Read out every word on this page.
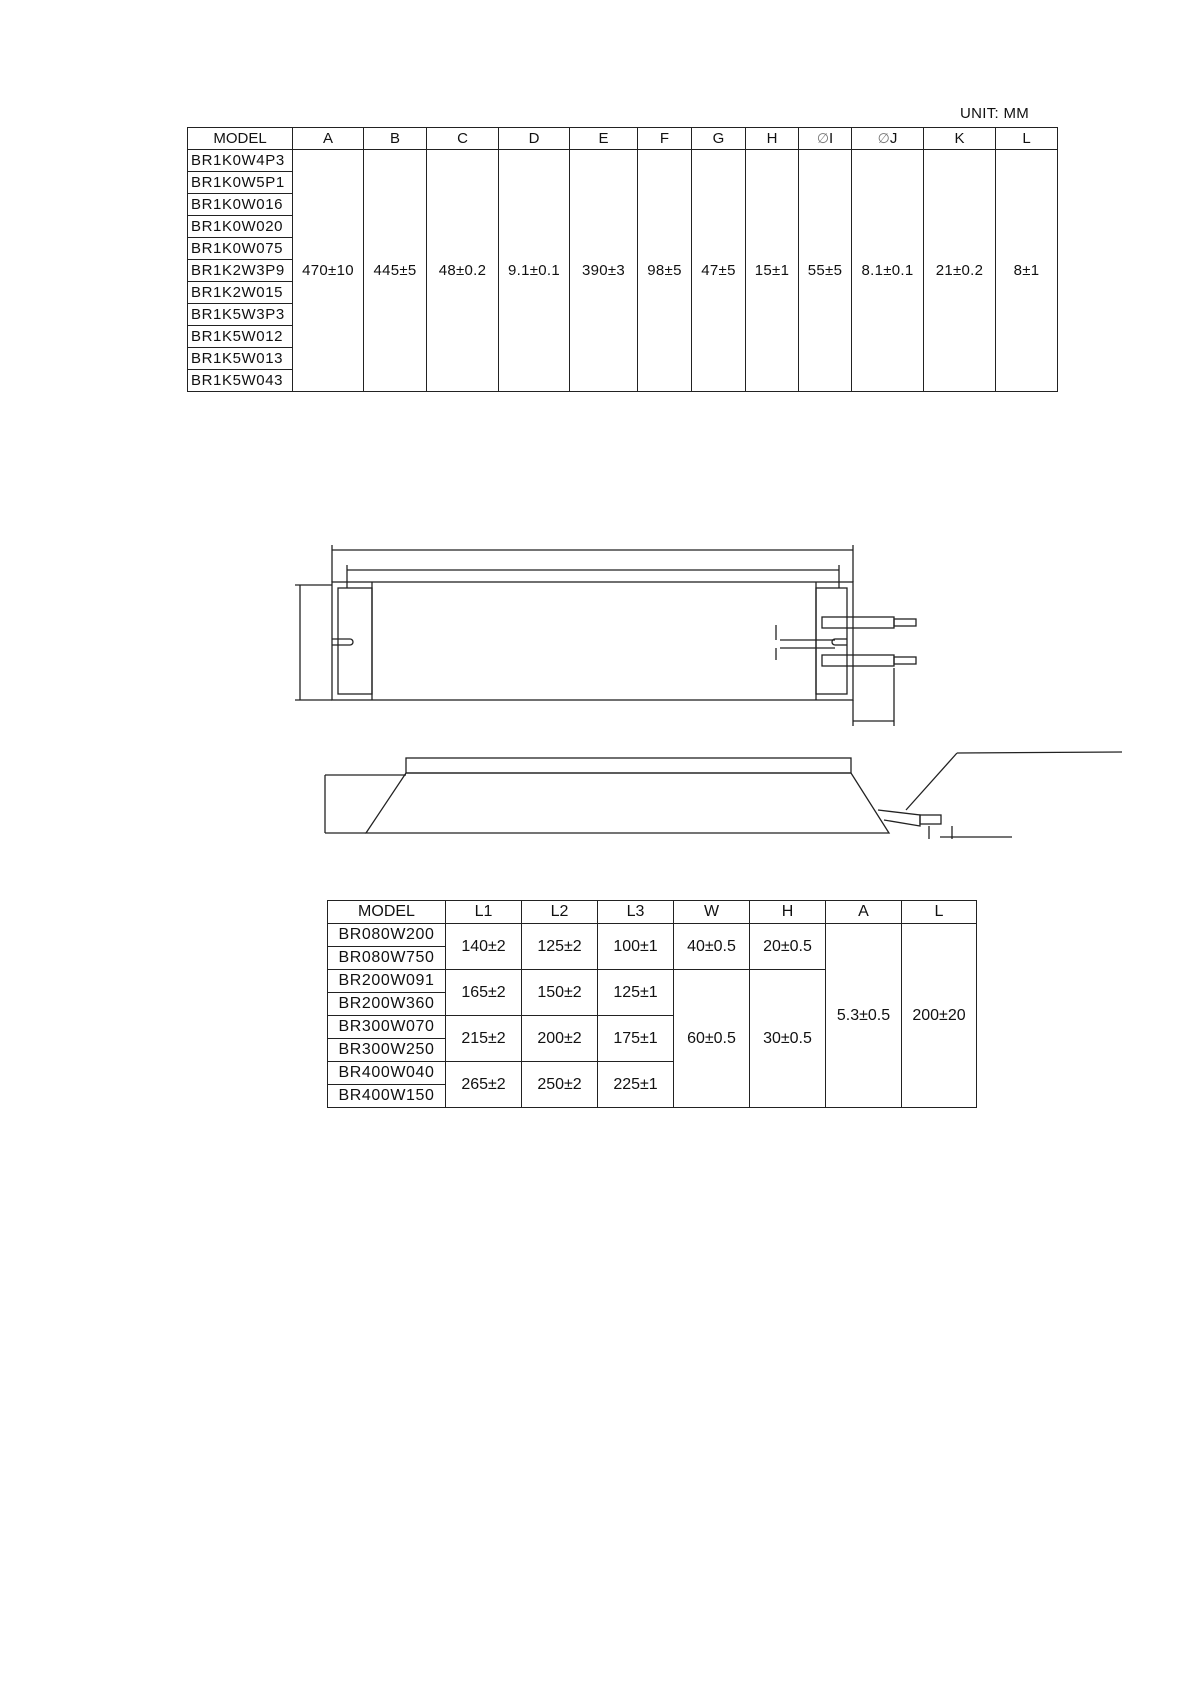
UNIT: MM
MODEL	A	B	C	D	E	F	G	H	∅I	∅J	K	L
BR1K0W4P3	470±10	445±5	48±0.2	9.1±0.1	390±3	98±5	47±5	15±1	55±5	8.1±0.1	21±0.2	8±1
BR1K0W5P1												
BR1K0W016												
BR1K0W020												
BR1K0W075												
BR1K2W3P9												
BR1K2W015												
BR1K5W3P3												
BR1K5W012												
BR1K5W013												
BR1K5W043												
MODEL	L1	L2	L3	W	H	A	L
BR080W200	140±2	125±2	100±1	40±0.5	20±0.5	5.3±0.5	200±20
BR080W750							
BR200W091	165±2	150±2	125±1	60±0.5	30±0.5		
BR200W360							
BR300W070	215±2	200±2	175±1				
BR300W250							
BR400W040	265±2	250±2	225±1				
BR400W150							
